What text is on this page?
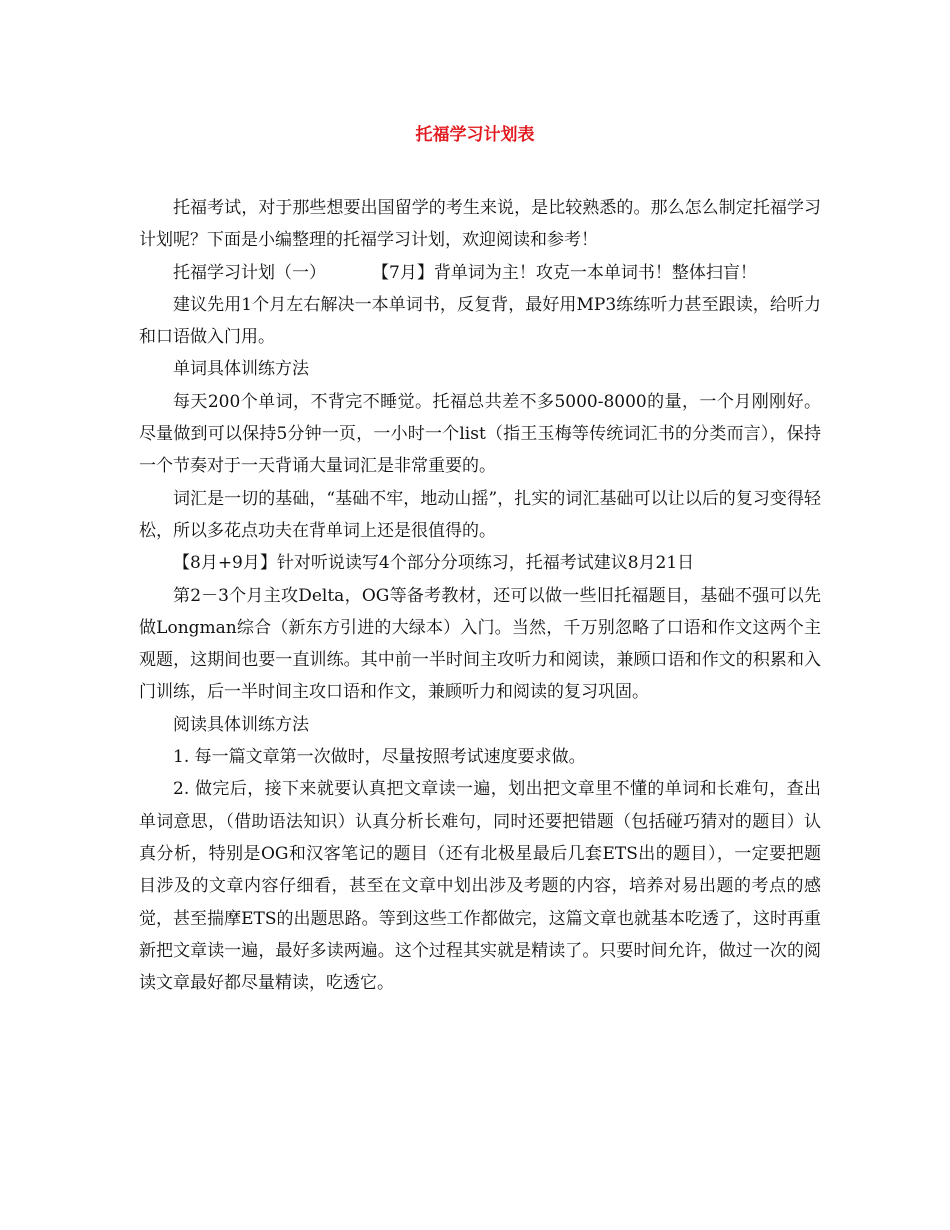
托福学习计划表

托福考试，对于那些想要出国留学的考生来说，是比较熟悉的。那么怎么制定托福学习计划呢？下面是小编整理的托福学习计划，欢迎阅读和参考！

托福学习计划（一）	【7月】背单词为主！攻克一本单词书！整体扫盲！

建议先用1个月左右解决一本单词书，反复背，最好用MP3练练听力甚至跟读，给听力和口语做入门用。

单词具体训练方法

每天200个单词，不背完不睡觉。托福总共差不多5000-8000的量，一个月刚刚好。尽量做到可以保持5分钟一页，一小时一个list（指王玉梅等传统词汇书的分类而言），保持一个节奏对于一天背诵大量词汇是非常重要的。

词汇是一切的基础，“基础不牢，地动山摇”，扎实的词汇基础可以让以后的复习变得轻松，所以多花点功夫在背单词上还是很值得的。

【8月+9月】针对听说读写4个部分分项练习，托福考试建议8月21日

第2－3个月主攻Delta，OG等备考教材，还可以做一些旧托福题目，基础不强可以先做Longman综合（新东方引进的大绿本）入门。当然，千万别忽略了口语和作文这两个主观题，这期间也要一直训练。其中前一半时间主攻听力和阅读，兼顾口语和作文的积累和入门训练，后一半时间主攻口语和作文，兼顾听力和阅读的复习巩固。

阅读具体训练方法

1. 每一篇文章第一次做时，尽量按照考试速度要求做。

2. 做完后，接下来就要认真把文章读一遍，划出把文章里不懂的单词和长难句，查出单词意思，（借助语法知识）认真分析长难句，同时还要把错题（包括碰巧猜对的题目）认真分析，特别是OG和汉客笔记的题目（还有北极星最后几套ETS出的题目），一定要把题目涉及的文章内容仔细看，甚至在文章中划出涉及考题的内容，培养对易出题的考点的感觉，甚至揣摩ETS的出题思路。等到这些工作都做完，这篇文章也就基本吃透了，这时再重新把文章读一遍，最好多读两遍。这个过程其实就是精读了。只要时间允许，做过一次的阅读文章最好都尽量精读，吃透它。
